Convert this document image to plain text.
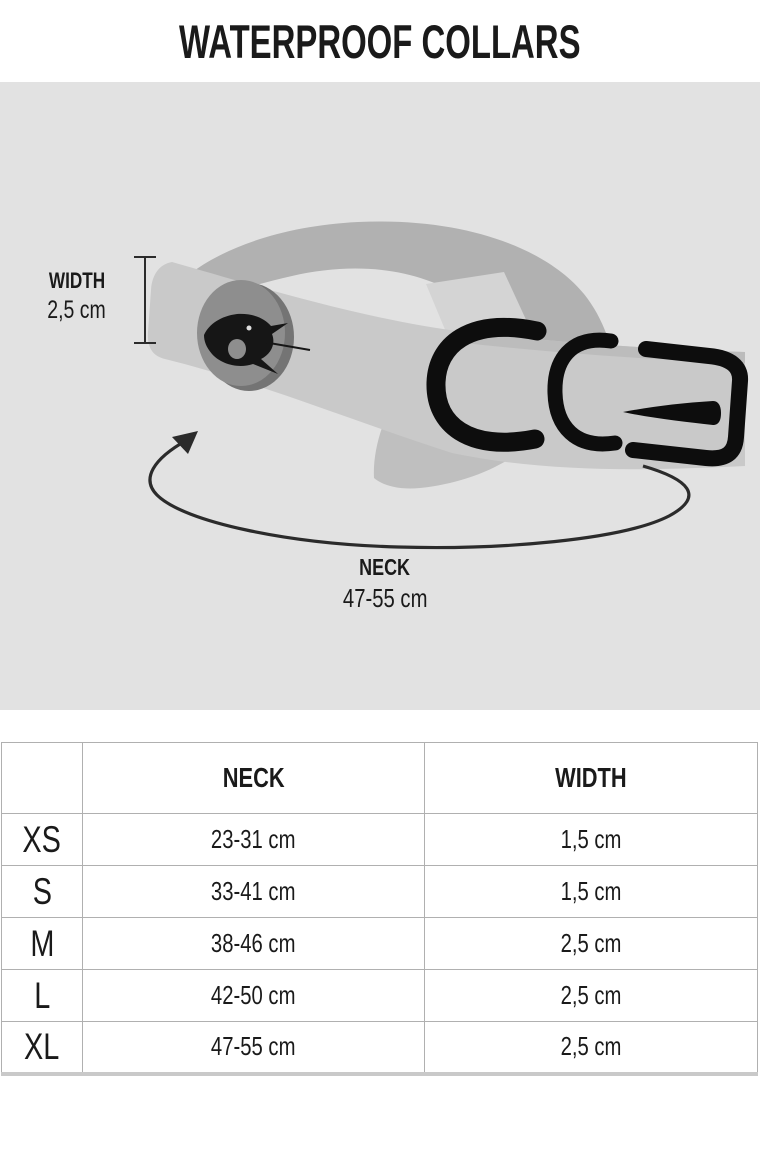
WATERPROOF COLLARS
WIDTH
2,5 cm
NECK
47-55 cm
	NECK	WIDTH
XS	23-31 cm	1,5 cm
S	33-41 cm	1,5 cm
M	38-46 cm	2,5 cm
L	42-50 cm	2,5 cm
XL	47-55 cm	2,5 cm
